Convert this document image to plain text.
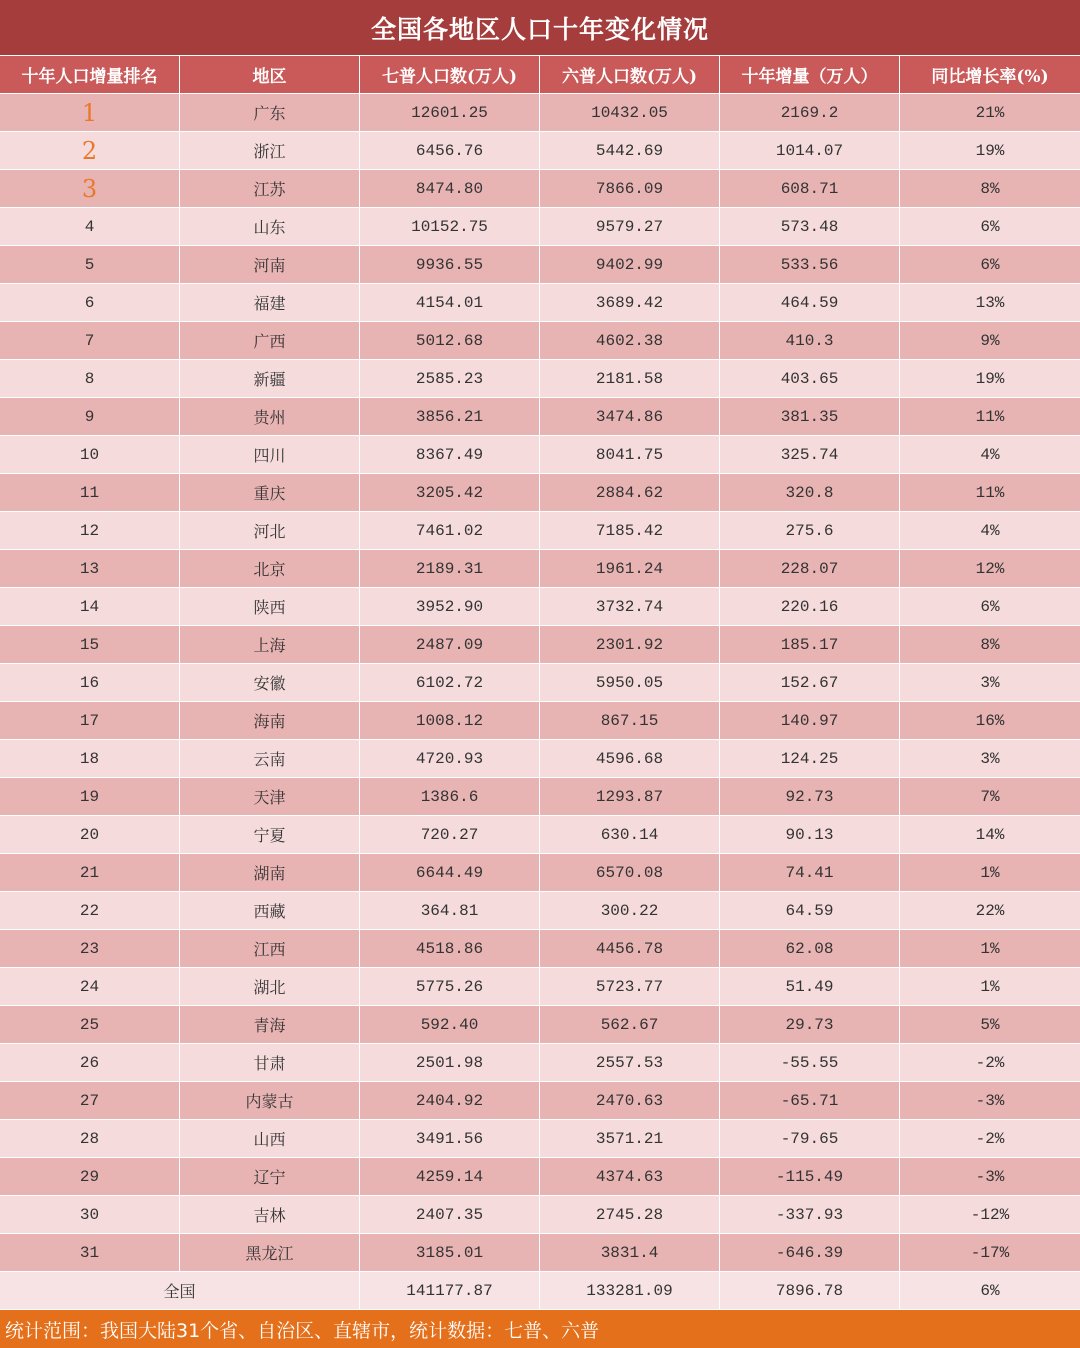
全国各地区人口十年变化情况
十年人口增量排名	地区	七普人口数(万人)	六普人口数(万人)	十年增量（万人）	同比增长率(%)
1	广东	12601.25	10432.05	2169.2	21%
2	浙江	6456.76	5442.69	1014.07	19%
3	江苏	8474.80	7866.09	608.71	8%
4	山东	10152.75	9579.27	573.48	6%
5	河南	9936.55	9402.99	533.56	6%
6	福建	4154.01	3689.42	464.59	13%
7	广西	5012.68	4602.38	410.3	9%
8	新疆	2585.23	2181.58	403.65	19%
9	贵州	3856.21	3474.86	381.35	11%
10	四川	8367.49	8041.75	325.74	4%
11	重庆	3205.42	2884.62	320.8	11%
12	河北	7461.02	7185.42	275.6	4%
13	北京	2189.31	1961.24	228.07	12%
14	陕西	3952.90	3732.74	220.16	6%
15	上海	2487.09	2301.92	185.17	8%
16	安徽	6102.72	5950.05	152.67	3%
17	海南	1008.12	867.15	140.97	16%
18	云南	4720.93	4596.68	124.25	3%
19	天津	1386.6	1293.87	92.73	7%
20	宁夏	720.27	630.14	90.13	14%
21	湖南	6644.49	6570.08	74.41	1%
22	西藏	364.81	300.22	64.59	22%
23	江西	4518.86	4456.78	62.08	1%
24	湖北	5775.26	5723.77	51.49	1%
25	青海	592.40	562.67	29.73	5%
26	甘肃	2501.98	2557.53	-55.55	-2%
27	内蒙古	2404.92	2470.63	-65.71	-3%
28	山西	3491.56	3571.21	-79.65	-2%
29	辽宁	4259.14	4374.63	-115.49	-3%
30	吉林	2407.35	2745.28	-337.93	-12%
31	黑龙江	3185.01	3831.4	-646.39	-17%
全国	141177.87	133281.09	7896.78	6%
统计范围：我国大陆31个省、自治区、直辖市，统计数据：七普、六普
